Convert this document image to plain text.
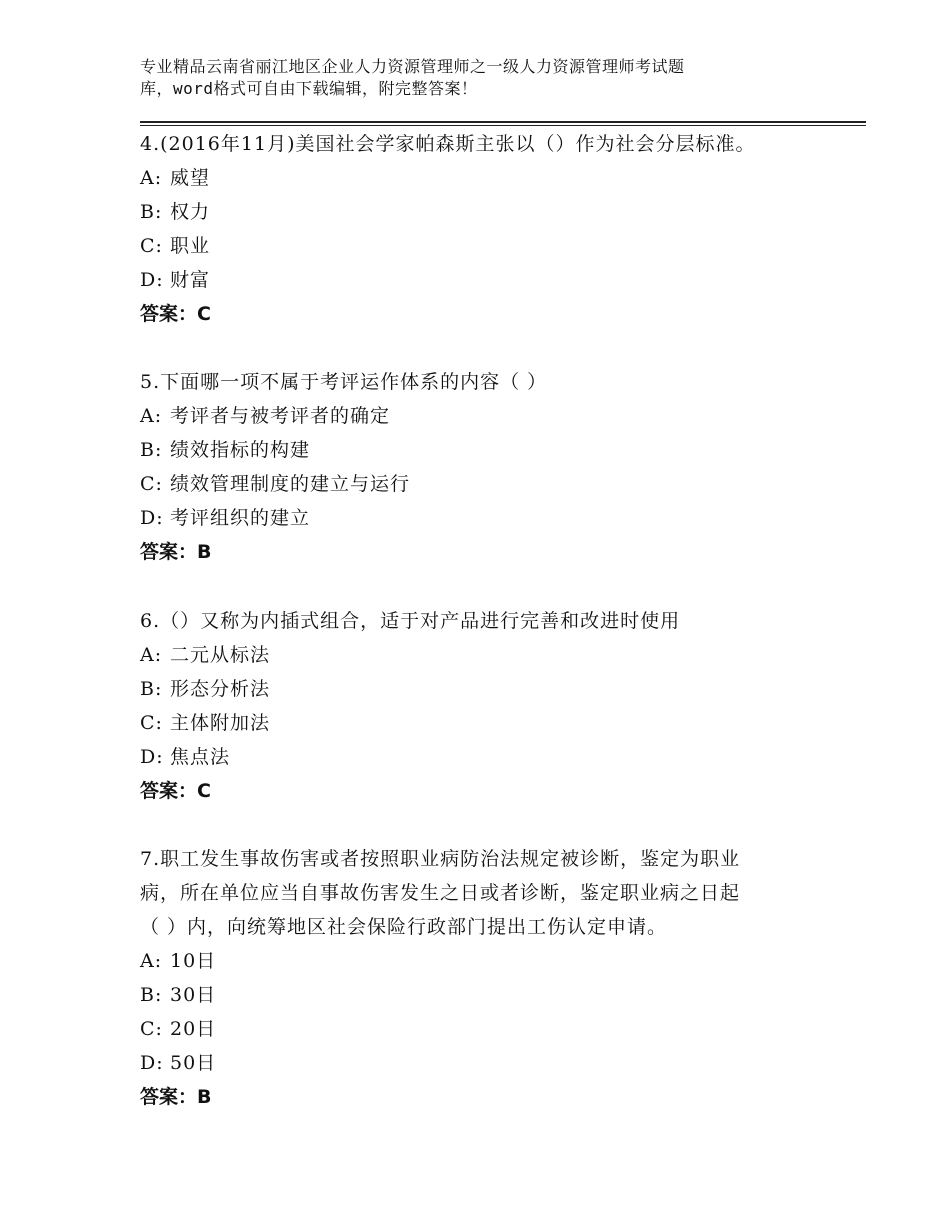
专业精品云南省丽江地区企业人力资源管理师之一级人力资源管理师考试题
库，word格式可自由下载编辑，附完整答案！
4.(2016年11月)美国社会学家帕森斯主张以（）作为社会分层标准。
A: 威望
B: 权力
C: 职业
D: 财富
答案：C
5.下面哪一项不属于考评运作体系的内容（ ）
A: 考评者与被考评者的确定
B: 绩效指标的构建
C: 绩效管理制度的建立与运行
D: 考评组织的建立
答案：B
6.（）又称为内插式组合，适于对产品进行完善和改进时使用
A: 二元从标法
B: 形态分析法
C: 主体附加法
D: 焦点法
答案：C
7.职工发生事故伤害或者按照职业病防治法规定被诊断，鉴定为职业
病，所在单位应当自事故伤害发生之日或者诊断，鉴定职业病之日起
（ ）内，向统筹地区社会保险行政部门提出工伤认定申请。
A: 10日
B: 30日
C: 20日
D: 50日
答案：B
